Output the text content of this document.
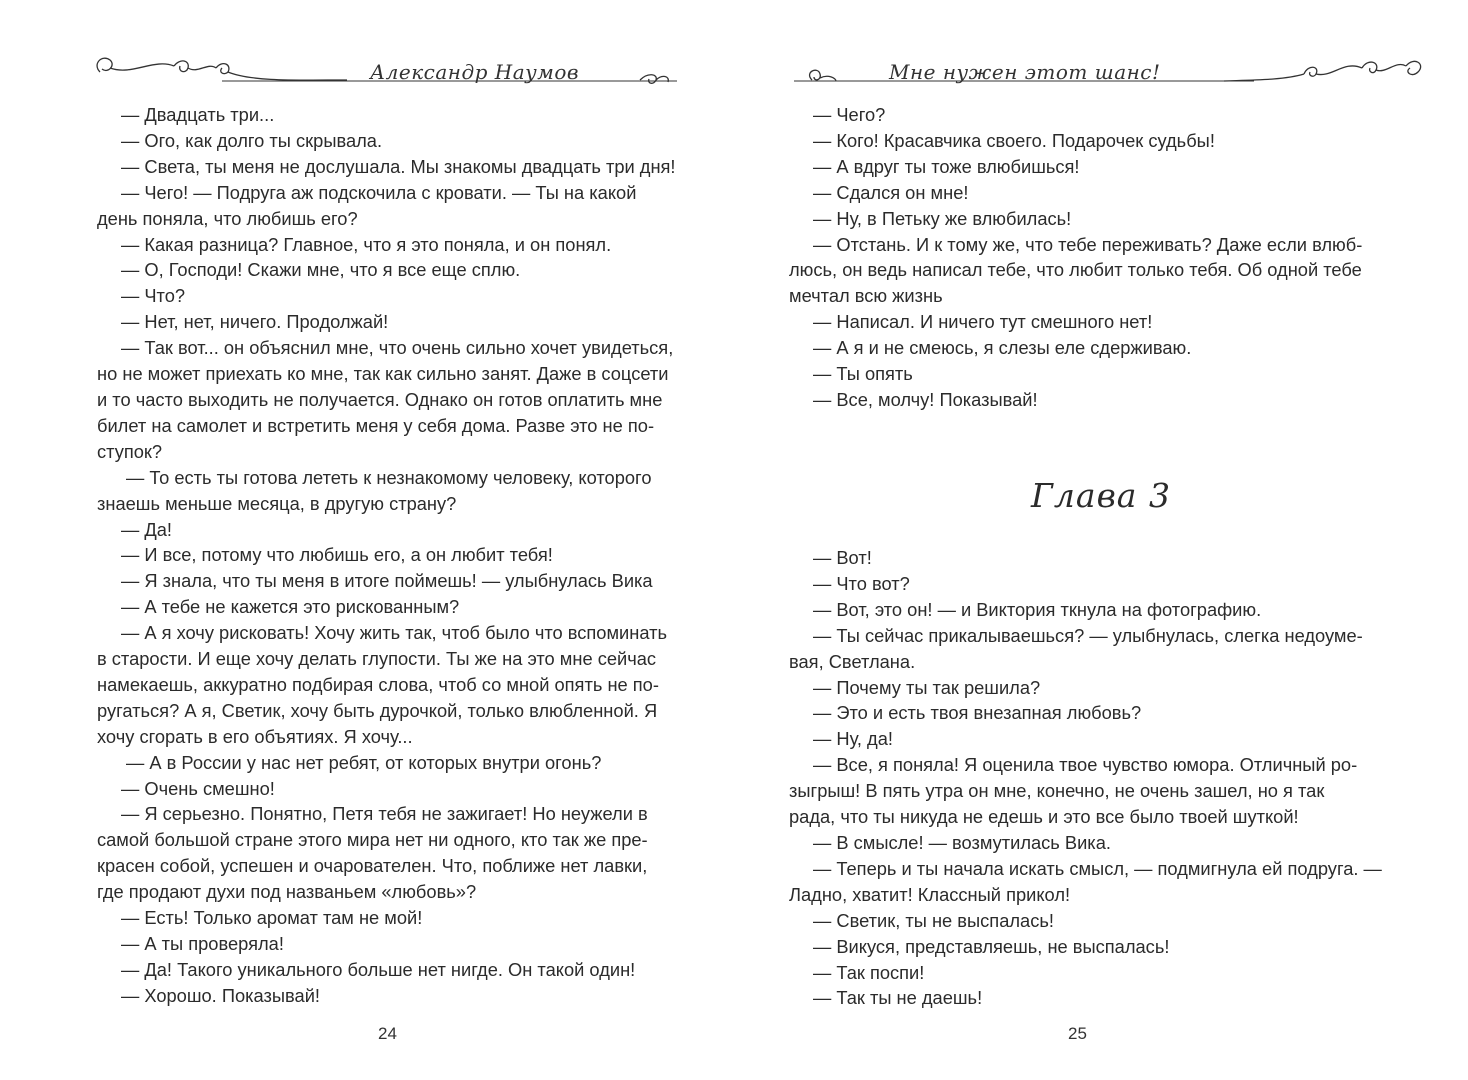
Александр Наумов

— Двадцать три...

— Ого, как долго ты скрывала.

— Света, ты меня не дослушала. Мы знакомы двадцать три дня!

— Чего! — Подруга аж подскочила с кровати. — Ты на какой

день поняла, что любишь его?

— Какая разница? Главное, что я это поняла, и он понял.

— О, Господи! Скажи мне, что я все еще сплю.

— Что?

— Нет, нет, ничего. Продолжай!

— Так вот... он объяснил мне, что очень сильно хочет увидеться,

но не может приехать ко мне, так как сильно занят. Даже в соцсети

и то часто выходить не получается. Однако он готов оплатить мне

билет на самолет и встретить меня у себя дома. Разве это не по-

ступок?

— То есть ты готова лететь к незнакомому человеку, которого

знаешь меньше месяца, в другую страну?

— Да!

— И все, потому что любишь его, а он любит тебя!

— Я знала, что ты меня в итоге поймешь! — улыбнулась Вика

— А тебе не кажется это рискованным?

— А я хочу рисковать! Хочу жить так, чтоб было что вспоминать

в старости. И еще хочу делать глупости. Ты же на это мне сейчас

намекаешь, аккуратно подбирая слова, чтоб со мной опять не по-

ругаться? А я, Светик, хочу быть дурочкой, только влюбленной. Я

хочу сгорать в его объятиях. Я хочу...

— А в России у нас нет ребят, от которых внутри огонь?

— Очень смешно!

— Я серьезно. Понятно, Петя тебя не зажигает! Но неужели в

самой большой стране этого мира нет ни одного, кто так же пре-

красен собой, успешен и очарователен. Что, поближе нет лавки,

где продают духи под названьем «любовь»?

— Есть! Только аромат там не мой!

— А ты проверяла!

— Да! Такого уникального больше нет нигде. Он такой один!

— Хорошо. Показывай!

24
Мне нужен этот шанс!

— Чего?

— Кого! Красавчика своего. Подарочек судьбы!

— А вдруг ты тоже влюбишься!

— Сдался он мне!

— Ну, в Петьку же влюбилась!

— Отстань. И к тому же, что тебе переживать? Даже если влюб-

люсь, он ведь написал тебе, что любит только тебя. Об одной тебе

мечтал всю жизнь

— Написал. И ничего тут смешного нет!

— А я и не смеюсь, я слезы еле сдерживаю.

— Ты опять

— Все, молчу! Показывай!

Глава 3

— Вот!

— Что вот?

— Вот, это он! — и Виктория ткнула на фотографию.

— Ты сейчас прикалываешься? — улыбнулась, слегка недоуме-

вая, Светлана.

— Почему ты так решила?

— Это и есть твоя внезапная любовь?

— Ну, да!

— Все, я поняла! Я оценила твое чувство юмора. Отличный ро-

зыгрыш! В пять утра он мне, конечно, не очень зашел, но я так

рада, что ты никуда не едешь и это все было твоей шуткой!

— В смысле! — возмутилась Вика.

— Теперь и ты начала искать смысл, — подмигнула ей подруга. —

Ладно, хватит! Классный прикол!

— Светик, ты не выспалась!

— Викуся, представляешь, не выспалась!

— Так поспи!

— Так ты не даешь!

25
